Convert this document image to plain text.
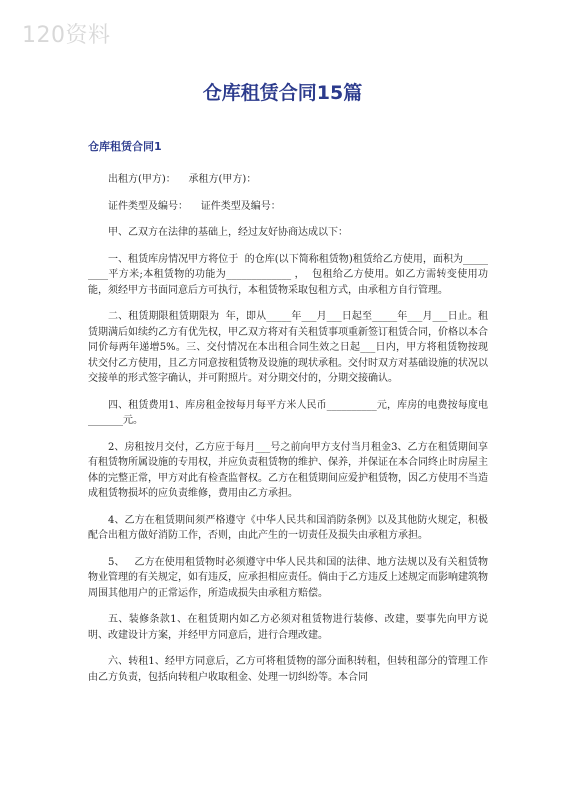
120资料
仓库租赁合同15篇
仓库租赁合同1

出租方(甲方)：    承租方(甲方)：

证件类型及编号：    证件类型及编号：

甲、乙双方在法律的基础上，经过友好协商达成以下：

一、租赁库房情况甲方将位于  的仓库(以下简称租赁物)租赁给乙方使用，面积为_________平方米;本租赁物的功能为_____________ ，  包租给乙方使用。如乙方需转变使用功能，须经甲方书面同意后方可执行，本租赁物采取包租方式，由承租方自行管理。

二、租赁期限租赁期限为  年，即从_____年___月___日起至_____年___月___日止。租赁期满后如续约乙方有优先权，甲乙双方将对有关租赁事项重新签订租赁合同，价格以本合同价每两年递增5%。三、交付情况在本出租合同生效之日起___日内，甲方将租赁物按现状交付乙方使用，且乙方同意按租赁物及设施的现状承租。交付时双方对基础设施的状况以交接单的形式签字确认，并可附照片。对分期交付的，分期交接确认。

四、租赁费用1、库房租金按每月每平方米人民币__________元，库房的电费按每度电_______元。

2、房租按月交付，乙方应于每月___号之前向甲方支付当月租金3、乙方在租赁期间享有租赁物所属设施的专用权，并应负责租赁物的维护、保养，并保证在本合同终止时房屋主体的完整正常，甲方对此有检查监督权。乙方在租赁期间应爱护租赁物，因乙方使用不当造成租赁物损坏的应负责维修，费用由乙方承担。

4、乙方在租赁期间须严格遵守《中华人民共和国消防条例》以及其他防火规定，积极配合出租方做好消防工作，否则，由此产生的一切责任及损失由承租方承担。

5、   乙方在使用租赁物时必须遵守中华人民共和国的法律、地方法规以及有关租赁物物业管理的有关规定，如有违反，应承担相应责任。倘由于乙方违反上述规定而影响建筑物周围其他用户的正常运作，所造成损失由承租方赔偿。

五、装修条款1、在租赁期内如乙方必须对租赁物进行装修、改建，要事先向甲方说明、改建设计方案，并经甲方同意后，进行合理改建。

六、转租1、经甲方同意后，乙方可将租赁物的部分面积转租，但转租部分的管理工作由乙方负责，包括向转租户收取租金、处理一切纠纷等。本合同
